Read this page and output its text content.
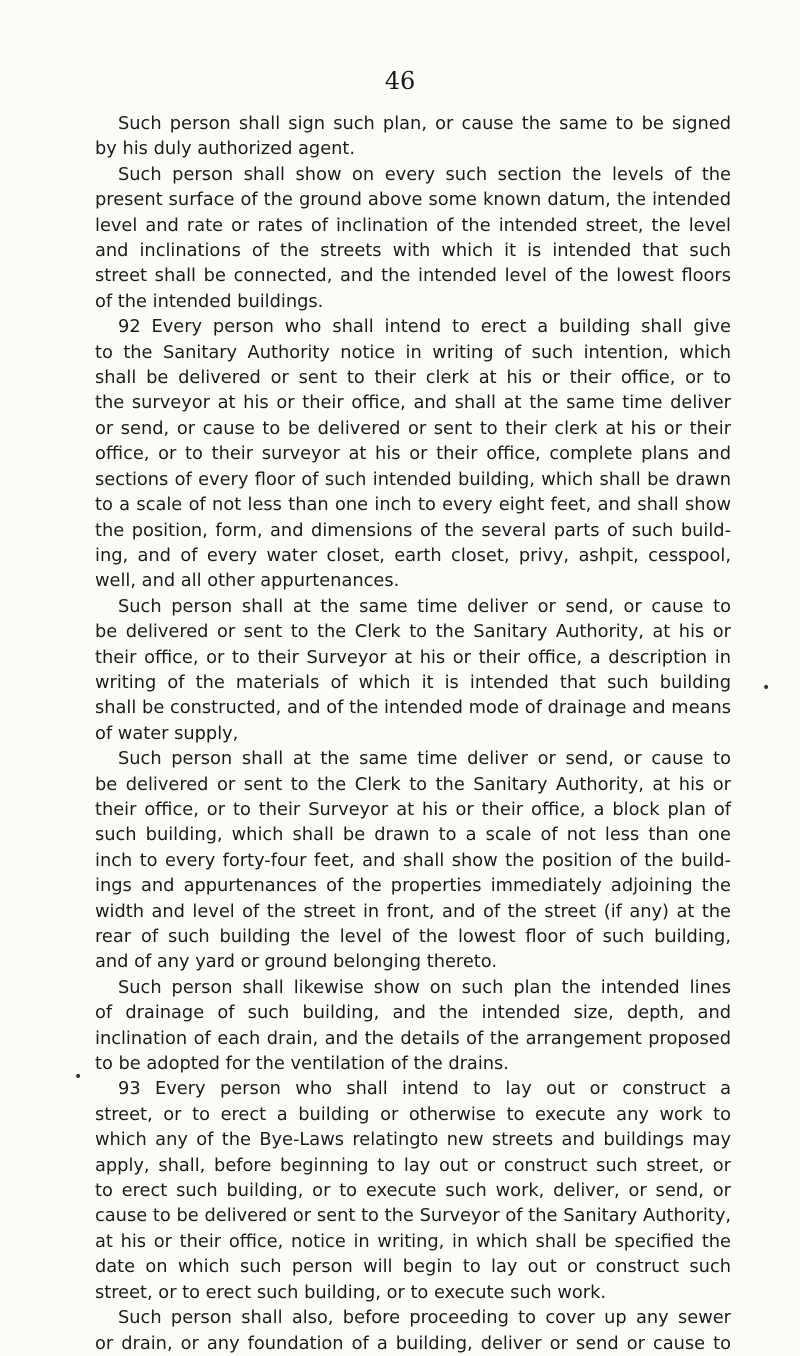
46
Such person shall sign such plan, or cause the same to be signed
by his duly authorized agent.
Such person shall show on every such section the levels of the
present surface of the ground above some known datum, the intended
level and rate or rates of inclination of the intended street, the level
and inclinations of the streets with which it is intended that such
street shall be connected, and the intended level of the lowest floors
of the intended buildings.
92 Every person who shall intend to erect a building shall give
to the Sanitary Authority notice in writing of such intention, which
shall be delivered or sent to their clerk at his or their office, or to
the surveyor at his or their office, and shall at the same time deliver
or send, or cause to be delivered or sent to their clerk at his or their
office, or to their surveyor at his or their office, complete plans and
sections of every floor of such intended building, which shall be drawn
to a scale of not less than one inch to every eight feet, and shall show
the position, form, and dimensions of the several parts of such build-
ing, and of every water closet, earth closet, privy, ashpit, cesspool,
well, and all other appurtenances.
Such person shall at the same time deliver or send, or cause to
be delivered or sent to the Clerk to the Sanitary Authority, at his or
their office, or to their Surveyor at his or their office, a description in
writing of the materials of which it is intended that such building
shall be constructed, and of the intended mode of drainage and means
of water supply,
Such person shall at the same time deliver or send, or cause to
be delivered or sent to the Clerk to the Sanitary Authority, at his or
their office, or to their Surveyor at his or their office, a block plan of
such building, which shall be drawn to a scale of not less than one
inch to every forty-four feet, and shall show the position of the build-
ings and appurtenances of the properties immediately adjoining the
width and level of the street in front, and of the street (if any) at the
rear of such building the level of the lowest floor of such building,
and of any yard or ground belonging thereto.
Such person shall likewise show on such plan the intended lines
of drainage of such building, and the intended size, depth, and
inclination of each drain, and the details of the arrangement proposed
to be adopted for the ventilation of the drains.
93 Every person who shall intend to lay out or construct a
street, or to erect a building or otherwise to execute any work to
which any of the Bye-Laws relatingto new streets and buildings may
apply, shall, before beginning to lay out or construct such street, or
to erect such building, or to execute such work, deliver, or send, or
cause to be delivered or sent to the Surveyor of the Sanitary Authority,
at his or their office, notice in writing, in which shall be specified the
date on which such person will begin to lay out or construct such
street, or to erect such building, or to execute such work.
Such person shall also, before proceeding to cover up any sewer
or drain, or any foundation of a building, deliver or send or cause to
•
•
